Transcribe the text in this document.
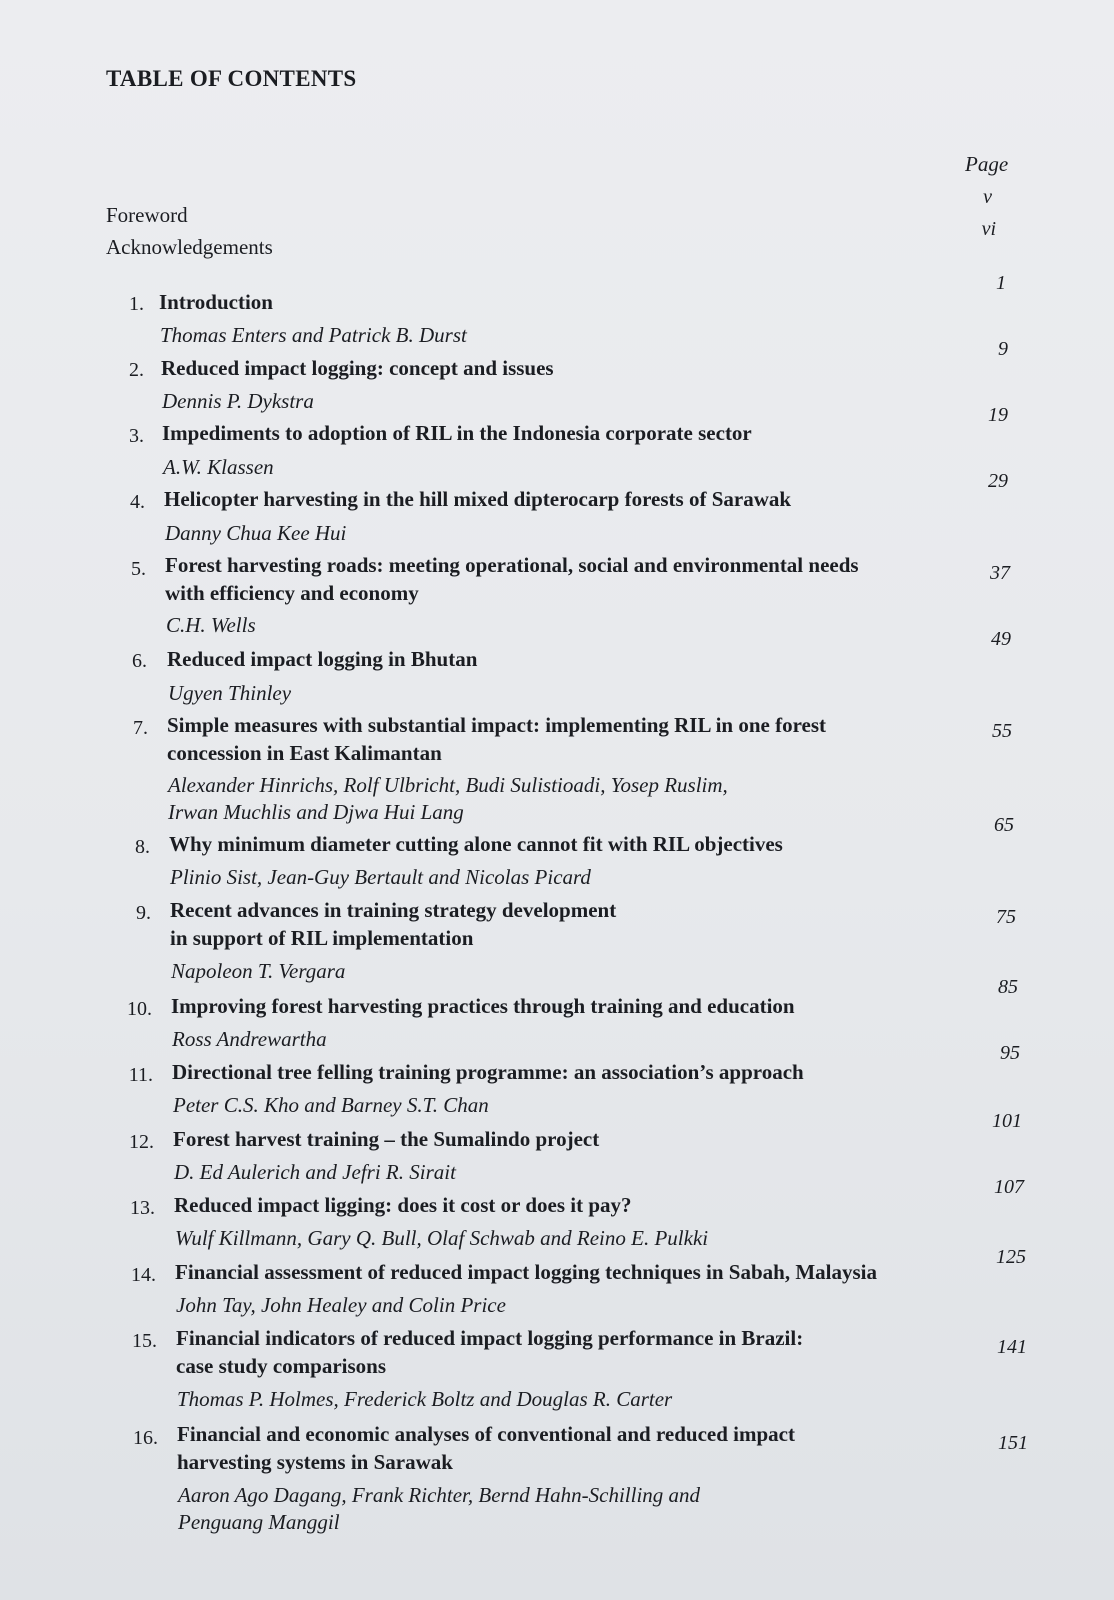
TABLE OF CONTENTS
Page
Foreword
v
Acknowledgements
vi
1. Introduction
Thomas Enters and Patrick B. Durst
1
2. Reduced impact logging: concept and issues
Dennis P. Dykstra
9
3. Impediments to adoption of RIL in the Indonesia corporate sector
A.W. Klassen
19
4. Helicopter harvesting in the hill mixed dipterocarp forests of Sarawak
Danny Chua Kee Hui
29
5. Forest harvesting roads: meeting operational, social and environmental needs
with efficiency and economy
C.H. Wells
37
6. Reduced impact logging in Bhutan
Ugyen Thinley
49
7. Simple measures with substantial impact: implementing RIL in one forest
concession in East Kalimantan
Alexander Hinrichs, Rolf Ulbricht, Budi Sulistioadi, Yosep Ruslim,
Irwan Muchlis and Djwa Hui Lang
55
8. Why minimum diameter cutting alone cannot fit with RIL objectives
Plinio Sist, Jean-Guy Bertault and Nicolas Picard
65
9. Recent advances in training strategy development
in support of RIL implementation
Napoleon T. Vergara
75
10. Improving forest harvesting practices through training and education
Ross Andrewartha
85
11. Directional tree felling training programme: an association’s approach
Peter C.S. Kho and Barney S.T. Chan
95
12. Forest harvest training – the Sumalindo project
D. Ed Aulerich and Jefri R. Sirait
101
13. Reduced impact ligging: does it cost or does it pay?
Wulf Killmann, Gary Q. Bull, Olaf Schwab and Reino E. Pulkki
107
14. Financial assessment of reduced impact logging techniques in Sabah, Malaysia
John Tay, John Healey and Colin Price
125
15. Financial indicators of reduced impact logging performance in Brazil:
case study comparisons
Thomas P. Holmes, Frederick Boltz and Douglas R. Carter
141
16. Financial and economic analyses of conventional and reduced impact
harvesting systems in Sarawak
Aaron Ago Dagang, Frank Richter, Bernd Hahn-Schilling and
Penguang Manggil
151
